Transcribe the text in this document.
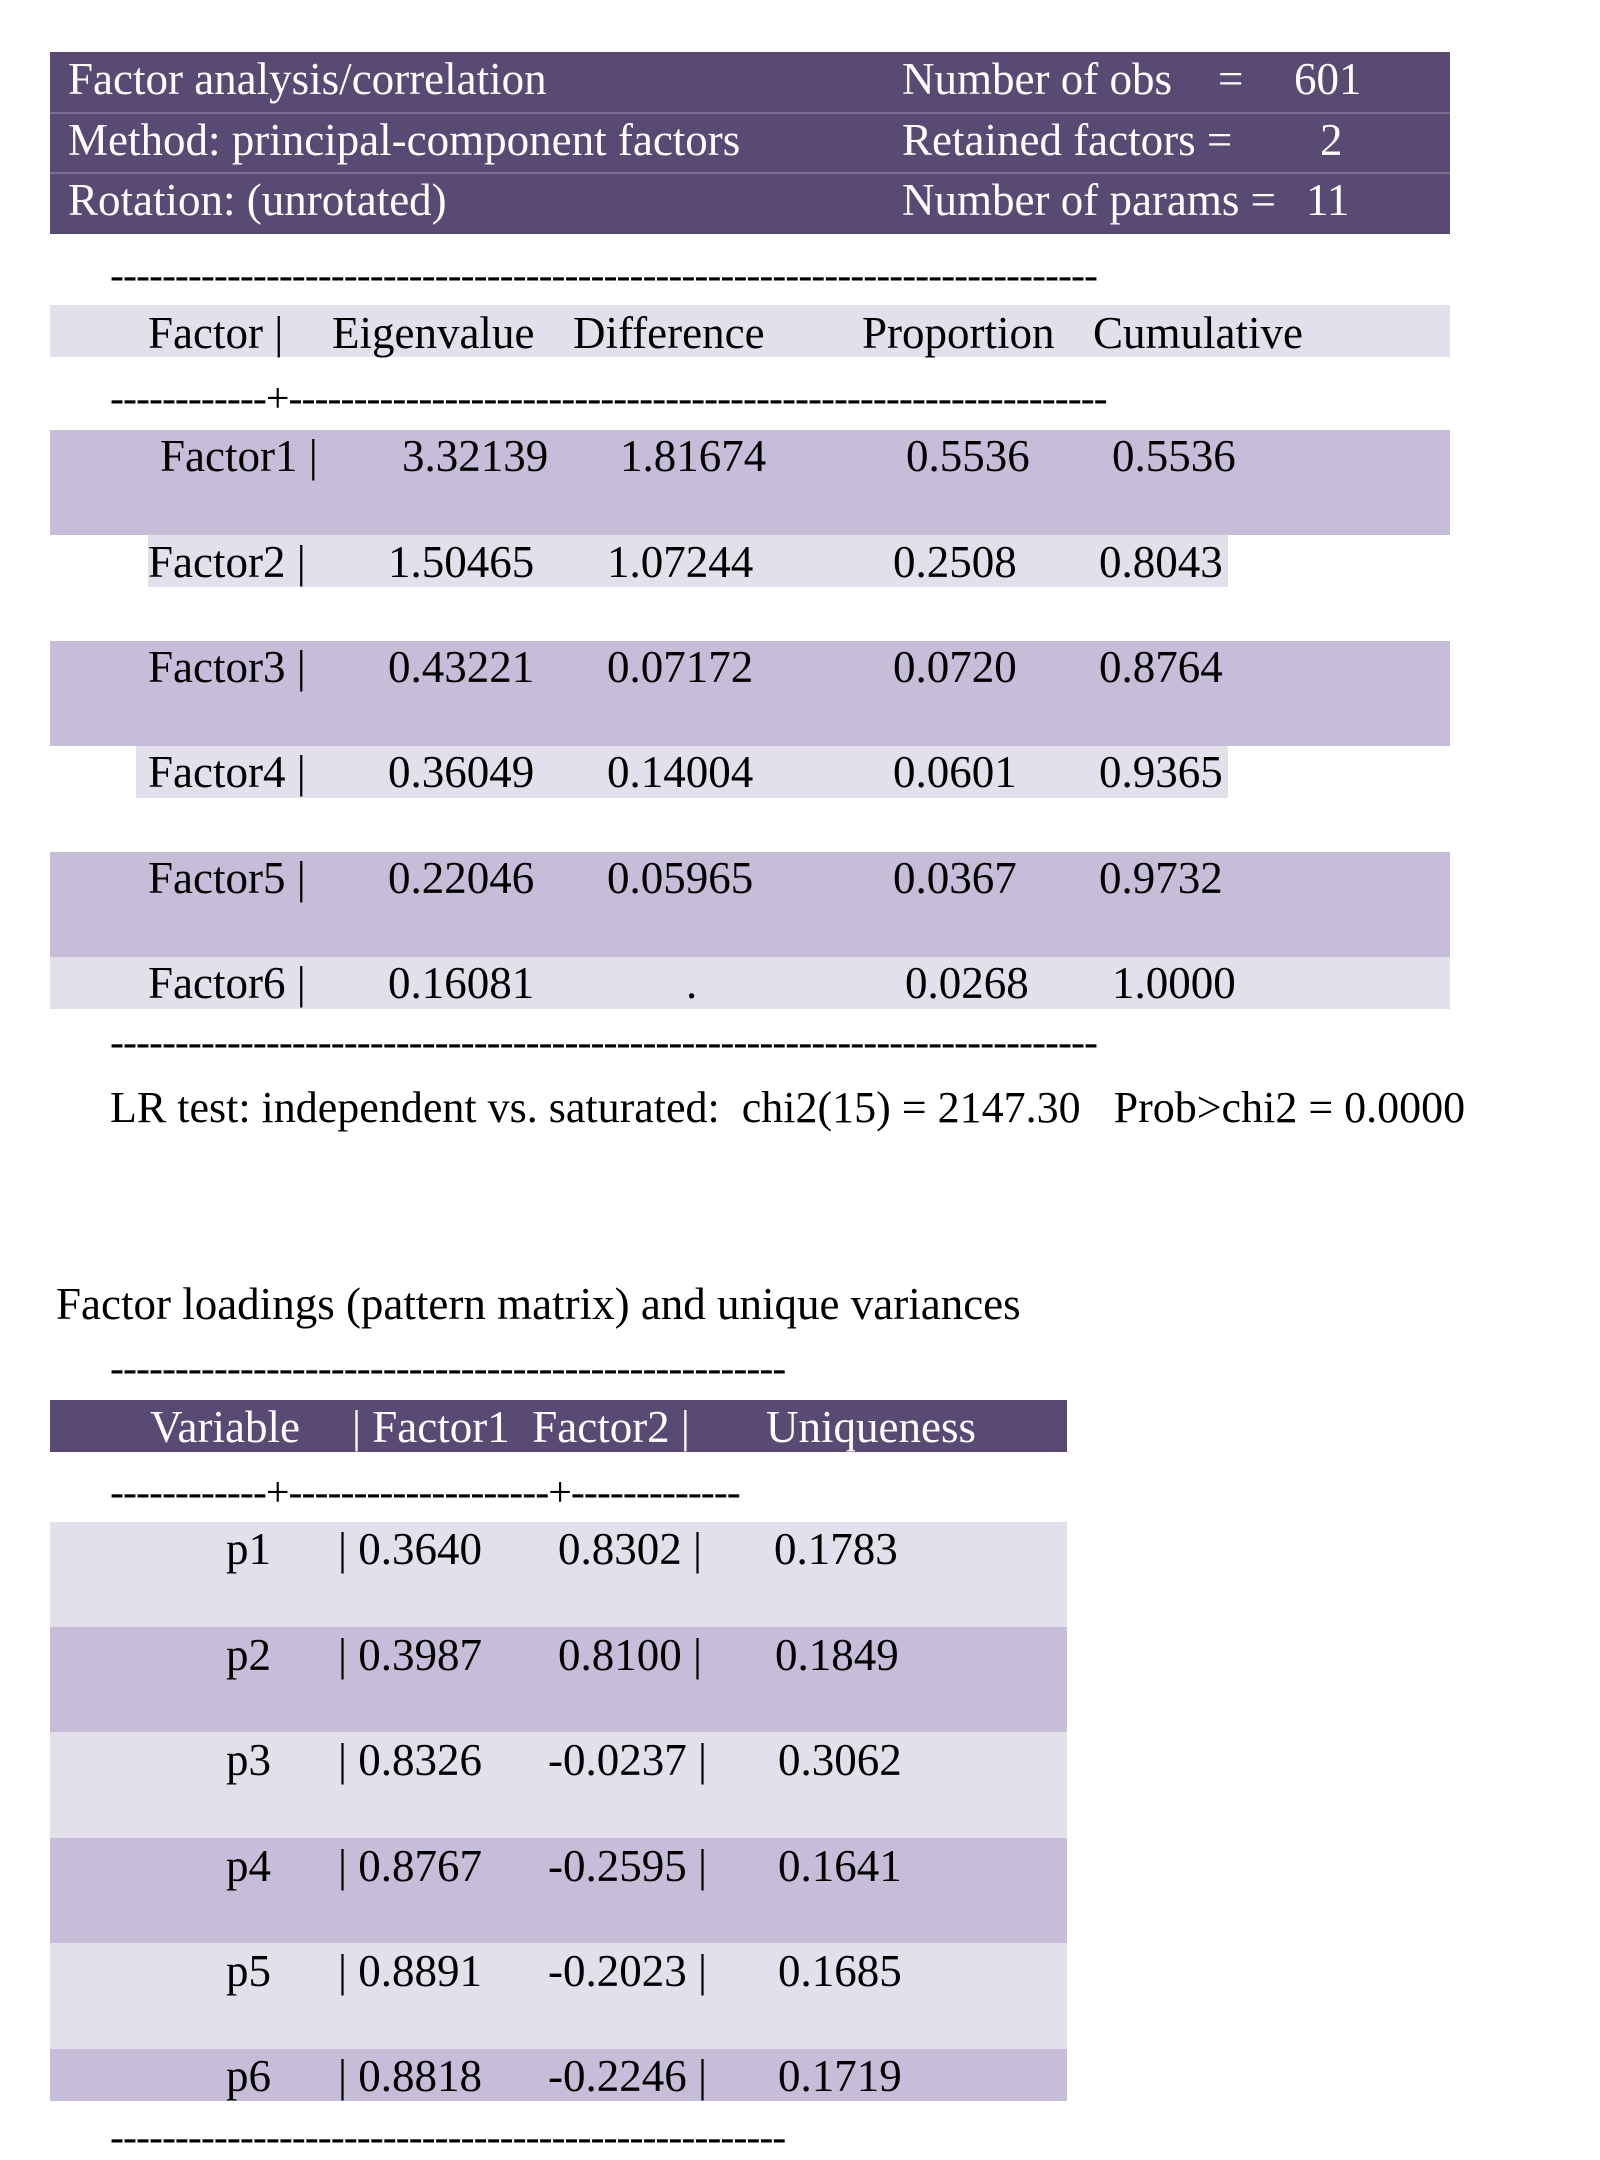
Factor analysis/correlation
Method: principal-component factors
Rotation: (unrotated)
Number of obs = 601
Retained factors = 2
Number of params = 11
----------------------------------------------------------------------------
Factor | Eigenvalue Difference Proportion Cumulative
------------+---------------------------------------------------------------
Factor1 | 3.32139 1.81674	0.5536 0.5536
Factor2 | 1.50465 1.07244	0.2508 0.8043
Factor3 | 0.43221 0.07172	0.0720 0.8764
Factor4 | 0.36049 0.14004	0.0601 0.9365
Factor5 | 0.22046 0.05965	0.0367 0.9732
Factor6 | 0.16081	.	0.0268 1.0000
----------------------------------------------------------------------------
LR test: independent vs. saturated:  chi2(15) = 2147.30   Prob>chi2 = 0.0000
Factor loadings (pattern matrix) and unique variances
----------------------------------------------------
Variable | Factor1  Factor2 | Uniqueness
------------+--------------------+-------------
p1 | 0.3640 0.8302 | 0.1783
p2 | 0.3987 0.8100 | 0.1849
p3 | 0.8326 -0.0237 | 0.3062
p4 | 0.8767 -0.2595 | 0.1641
p5 | 0.8891 -0.2023 | 0.1685
p6 | 0.8818 -0.2246 | 0.1719
----------------------------------------------------
